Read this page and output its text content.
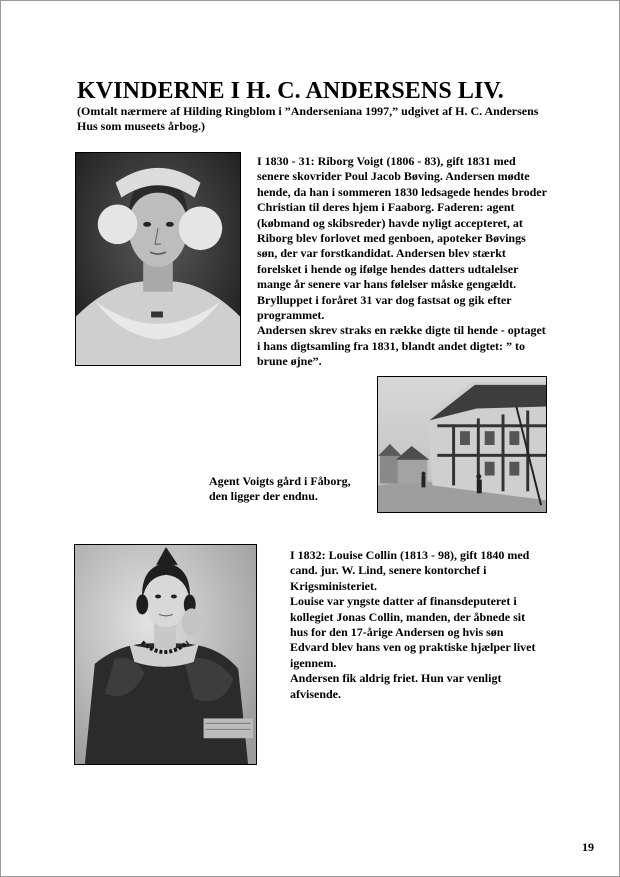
KVINDERNE I H. C. ANDERSENS LIV.

(Omtalt nærmere af Hilding Ringblom i ”Anderseniana 1997,” udgivet af H. C. Andersens Hus som museets årbog.)

I 1830 - 31: Riborg Voigt (1806 - 83), gift 1831 med senere skovrider Poul Jacob Bøving. Andersen mødte hende, da han i sommeren 1830 ledsagede hendes broder Christian til deres hjem i Faaborg. Faderen: agent (købmand og skibsreder) havde nyligt accepteret, at Riborg blev forlovet med genboen, apoteker Bøvings søn, der var forstkandidat. Andersen blev stærkt forelsket i hende og ifølge hendes datters udtalelser mange år senere var hans følelser måske gengældt. Brylluppet i foråret 31 var dog fastsat og gik efter programmet.

Andersen skrev straks en række digte til hende - optaget i hans digtsamling fra 1831, blandt andet digtet: ” to brune øjne”.

Agent Voigts gård i Fåborg,
den ligger der endnu.

I 1832: Louise Collin (1813 - 98), gift 1840 med cand. jur. W. Lind, senere kontorchef i Krigsministeriet.

Louise var yngste datter af finansdeputeret i kollegiet Jonas Collin, manden, der åbnede sit hus for den 17-årige Andersen og hvis søn Edvard blev hans ven og praktiske hjælper livet igennem.

Andersen fik aldrig friet. Hun var venligt afvisende.

19
